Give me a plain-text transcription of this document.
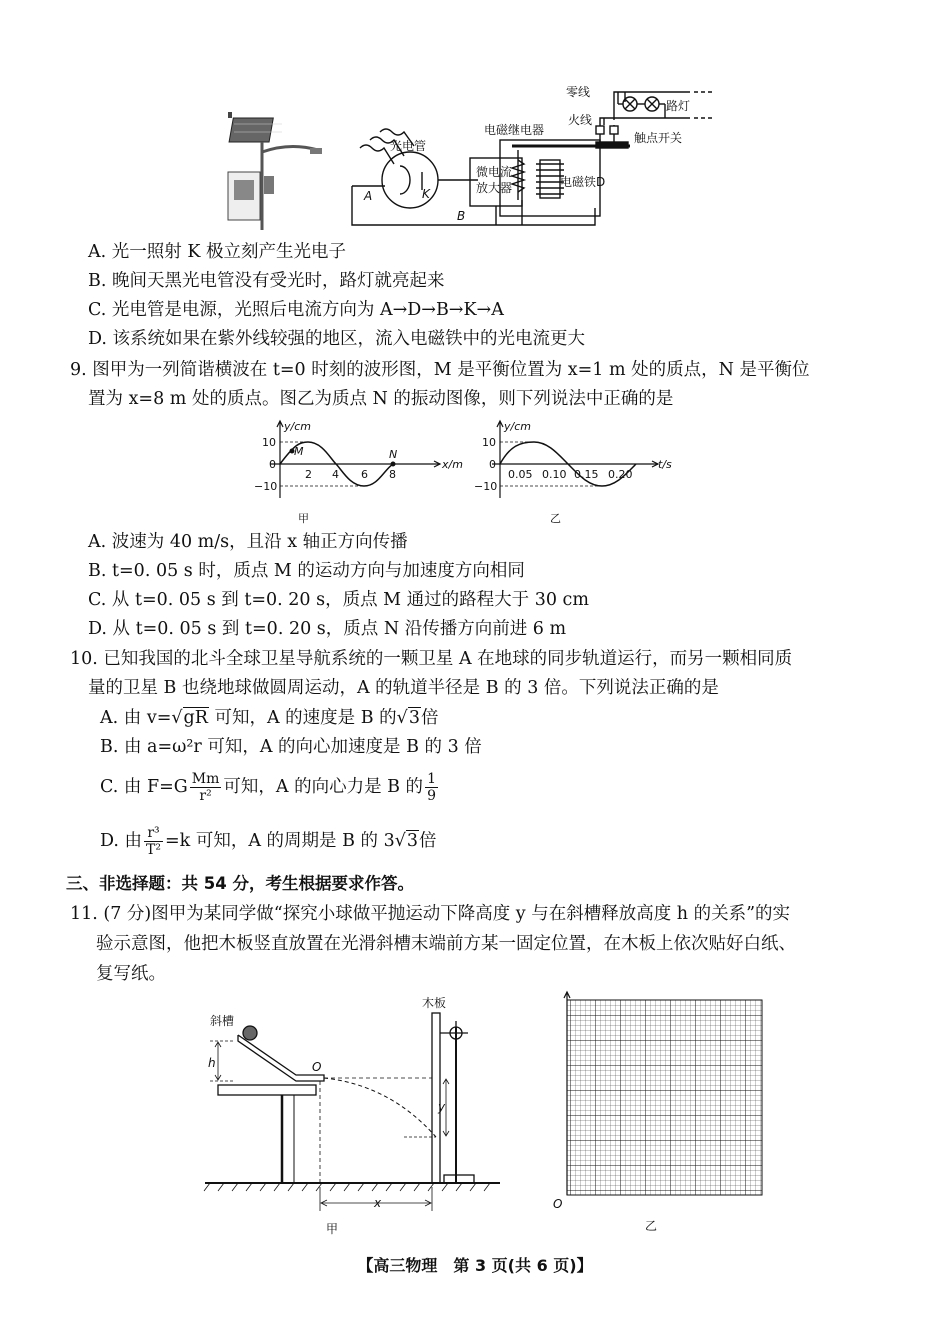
光电管
微电流
放大器
电磁继电器
电磁铁D
零线
火线
路灯
触点开关
A	K
B
A. 光一照射 K 极立刻产生光电子
B. 晚间天黑光电管没有受光时，路灯就亮起来
C. 光电管是电源，光照后电流方向为 A→D→B→K→A
D. 该系统如果在紫外线较强的地区，流入电磁铁中的光电流更大
9. 图甲为一列简谐横波在 t=0 时刻的波形图，M 是平衡位置为 x=1 m 处的质点，N 是平衡位
置为 x=8 m 处的质点。图乙为质点 N 的振动图像，则下列说法中正确的是
y/cm
x/m
10
0
−10
2 4 6 8
M	N
甲
y/cm
t/s
10
0
−10
0.05 0.10 0.15 0.20
乙
A. 波速为 40 m/s，且沿 x 轴正方向传播
B. t=0. 05 s 时，质点 M 的运动方向与加速度方向相同
C. 从 t=0. 05 s 到 t=0. 20 s，质点 M 通过的路程大于 30 cm
D. 从 t=0. 05 s 到 t=0. 20 s，质点 N 沿传播方向前进 6 m
10. 已知我国的北斗全球卫星导航系统的一颗卫星 A 在地球的同步轨道运行，而另一颗相同质
量的卫星 B 也绕地球做圆周运动，A 的轨道半径是 B 的 3 倍。下列说法正确的是
A. 由 v=√gR 可知，A 的速度是 B 的√3倍
B. 由 a=ω²r 可知，A 的向心加速度是 B 的 3 倍
C. 由 $F=G \frac{Mm}{\text{r²}}$ 可知，A 的向心力是 B 的 $\frac{1}{9}$
D. 由 $\frac{\text{r³}}{\text{T²}} =k$ 可知，A 的周期是 B 的 3√3倍
三、非选择题：共 54 分，考生根据要求作答。
11. (7 分)图甲为某同学做“探究小球做平抛运动下降高度 y 与在斜槽释放高度 h 的关系”的实
验示意图，他把木板竖直放置在光滑斜槽末端前方某一固定位置，在木板上依次贴好白纸、
复写纸。
斜槽
木板
h	O
y
x
甲
O
乙
【高三物理　第 3 页(共 6 页)】
